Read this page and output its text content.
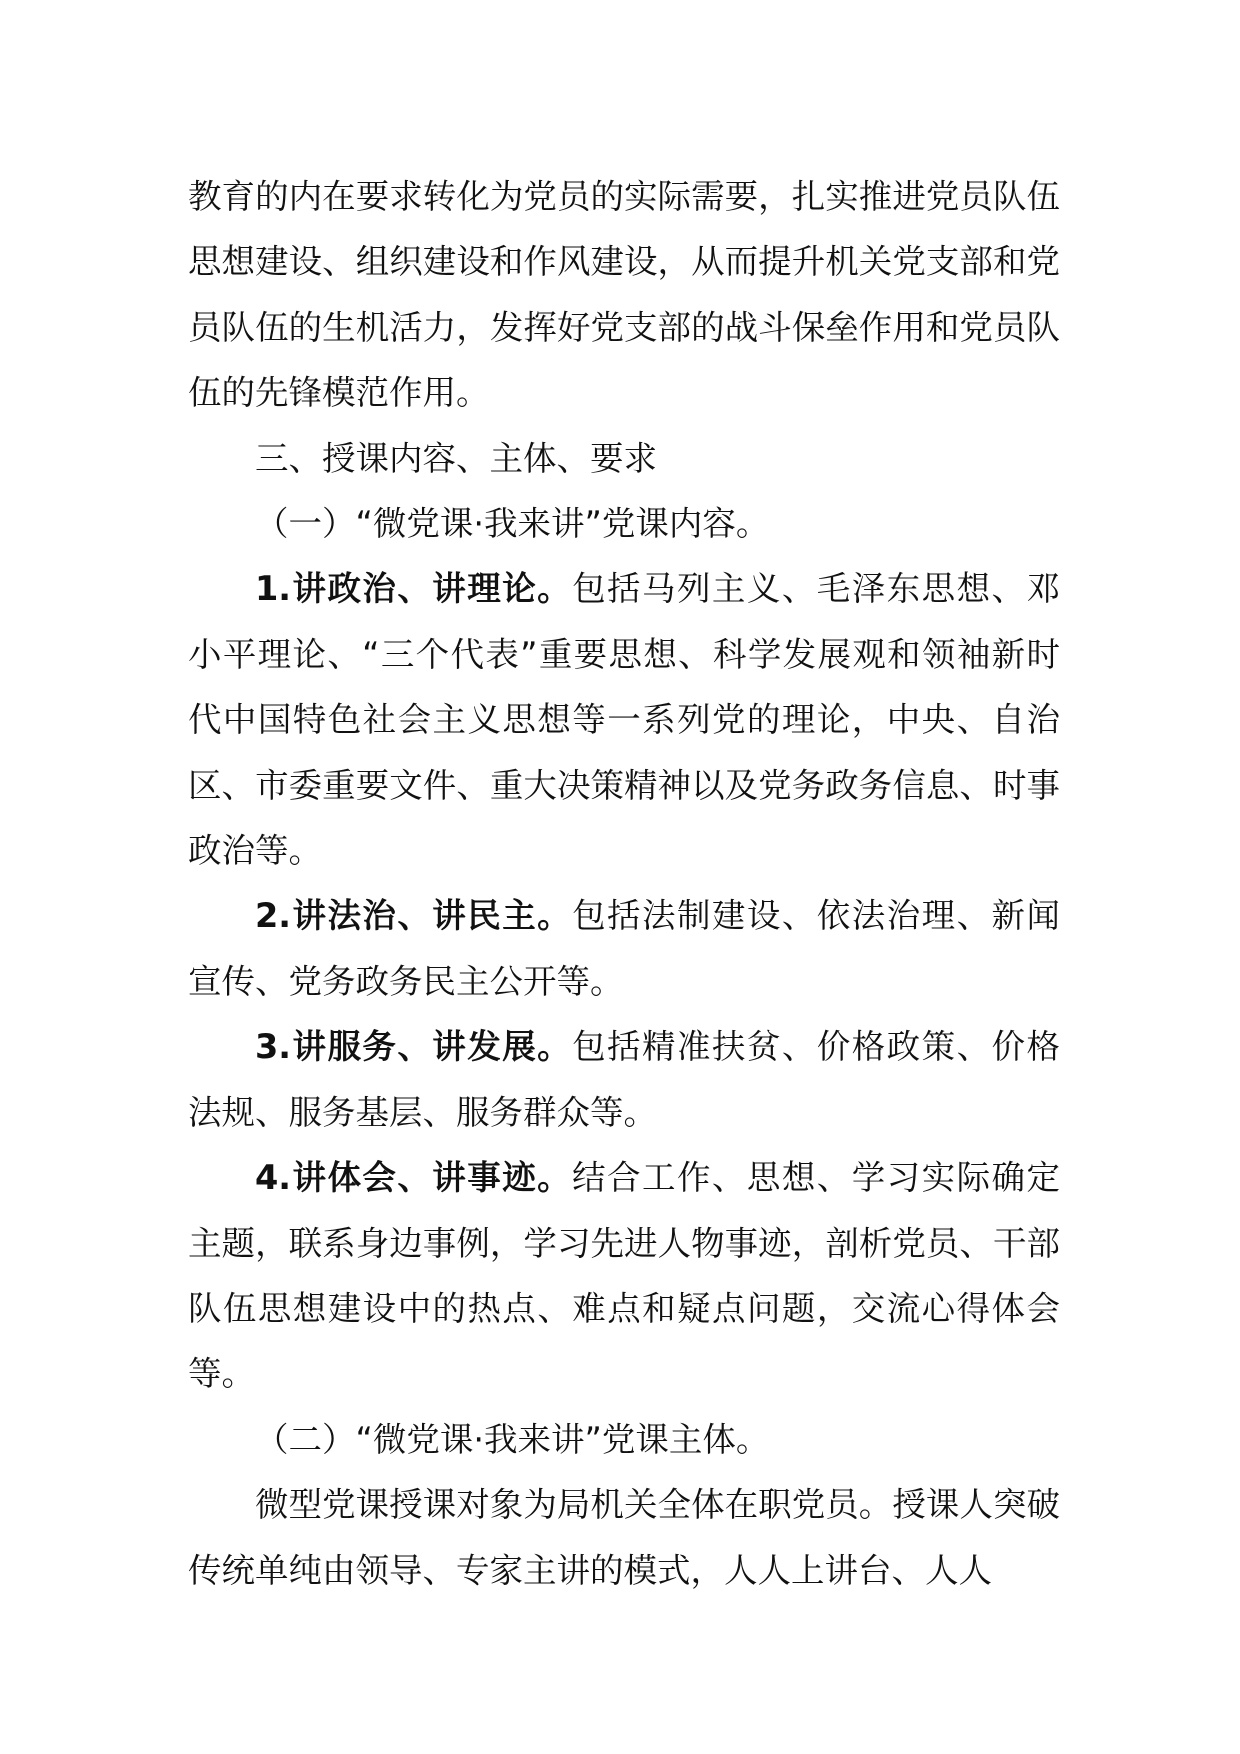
教育的内在要求转化为党员的实际需要，扎实推进党员队伍思想建设、组织建设和作风建设，从而提升机关党支部和党员队伍的生机活力，发挥好党支部的战斗保垒作用和党员队伍的先锋模范作用。

三、授课内容、主体、要求

（一）“微党课·我来讲”党课内容。

1.讲政治、讲理论。包括马列主义、毛泽东思想、邓小平理论、“三个代表”重要思想、科学发展观和领袖新时代中国特色社会主义思想等一系列党的理论，中央、自治区、市委重要文件、重大决策精神以及党务政务信息、时事政治等。

2.讲法治、讲民主。包括法制建设、依法治理、新闻宣传、党务政务民主公开等。

3.讲服务、讲发展。包括精准扶贫、价格政策、价格法规、服务基层、服务群众等。

4.讲体会、讲事迹。结合工作、思想、学习实际确定主题，联系身边事例，学习先进人物事迹，剖析党员、干部队伍思想建设中的热点、难点和疑点问题，交流心得体会等。

（二）“微党课·我来讲”党课主体。

微型党课授课对象为局机关全体在职党员。授课人突破传统单纯由领导、专家主讲的模式，人人上讲台、人人
